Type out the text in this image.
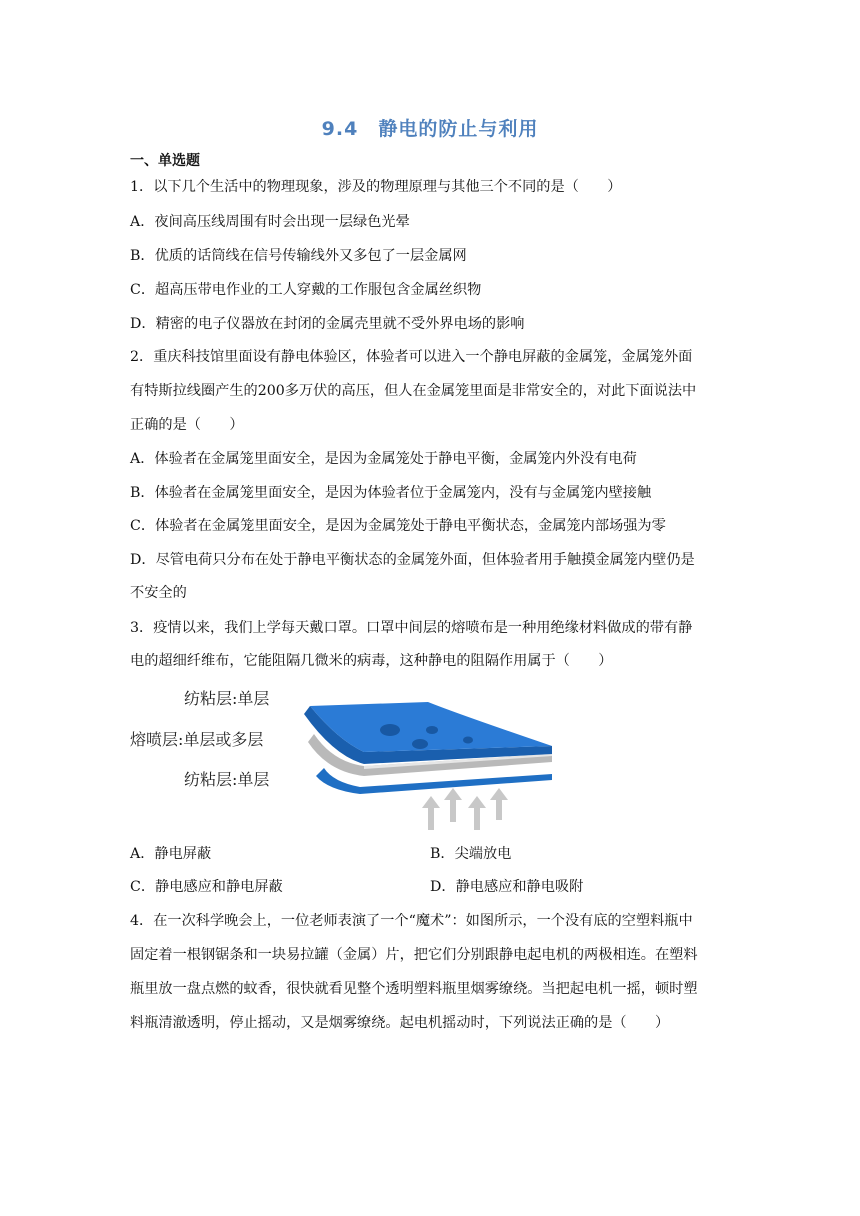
9.4　静电的防止与利用
一、单选题
1．以下几个生活中的物理现象，涉及的物理原理与其他三个不同的是（　　）
A．夜间高压线周围有时会出现一层绿色光晕
B．优质的话筒线在信号传输线外又多包了一层金属网
C．超高压带电作业的工人穿戴的工作服包含金属丝织物
D．精密的电子仪器放在封闭的金属壳里就不受外界电场的影响
2．重庆科技馆里面设有静电体验区，体验者可以进入一个静电屏蔽的金属笼，金属笼外面
有特斯拉线圈产生的200多万伏的高压，但人在金属笼里面是非常安全的，对此下面说法中
正确的是（　　）
A．体验者在金属笼里面安全，是因为金属笼处于静电平衡，金属笼内外没有电荷
B．体验者在金属笼里面安全，是因为体验者位于金属笼内，没有与金属笼内壁接触
C．体验者在金属笼里面安全，是因为金属笼处于静电平衡状态，金属笼内部场强为零
D．尽管电荷只分布在处于静电平衡状态的金属笼外面，但体验者用手触摸金属笼内壁仍是
不安全的
3．疫情以来，我们上学每天戴口罩。口罩中间层的熔喷布是一种用绝缘材料做成的带有静
电的超细纤维布，它能阻隔几微米的病毒，这种静电的阻隔作用属于（　　）
纺粘层:单层
熔喷层:单层或多层
纺粘层:单层
A．静电屏蔽	B．尖端放电
C．静电感应和静电屏蔽	D．静电感应和静电吸附
4．在一次科学晚会上，一位老师表演了一个“魔术”：如图所示，一个没有底的空塑料瓶中
固定着一根钢锯条和一块易拉罐（金属）片，把它们分别跟静电起电机的两极相连。在塑料
瓶里放一盘点燃的蚊香，很快就看见整个透明塑料瓶里烟雾缭绕。当把起电机一摇，顿时塑
料瓶清澈透明，停止摇动，又是烟雾缭绕。起电机摇动时，下列说法正确的是（　　）
